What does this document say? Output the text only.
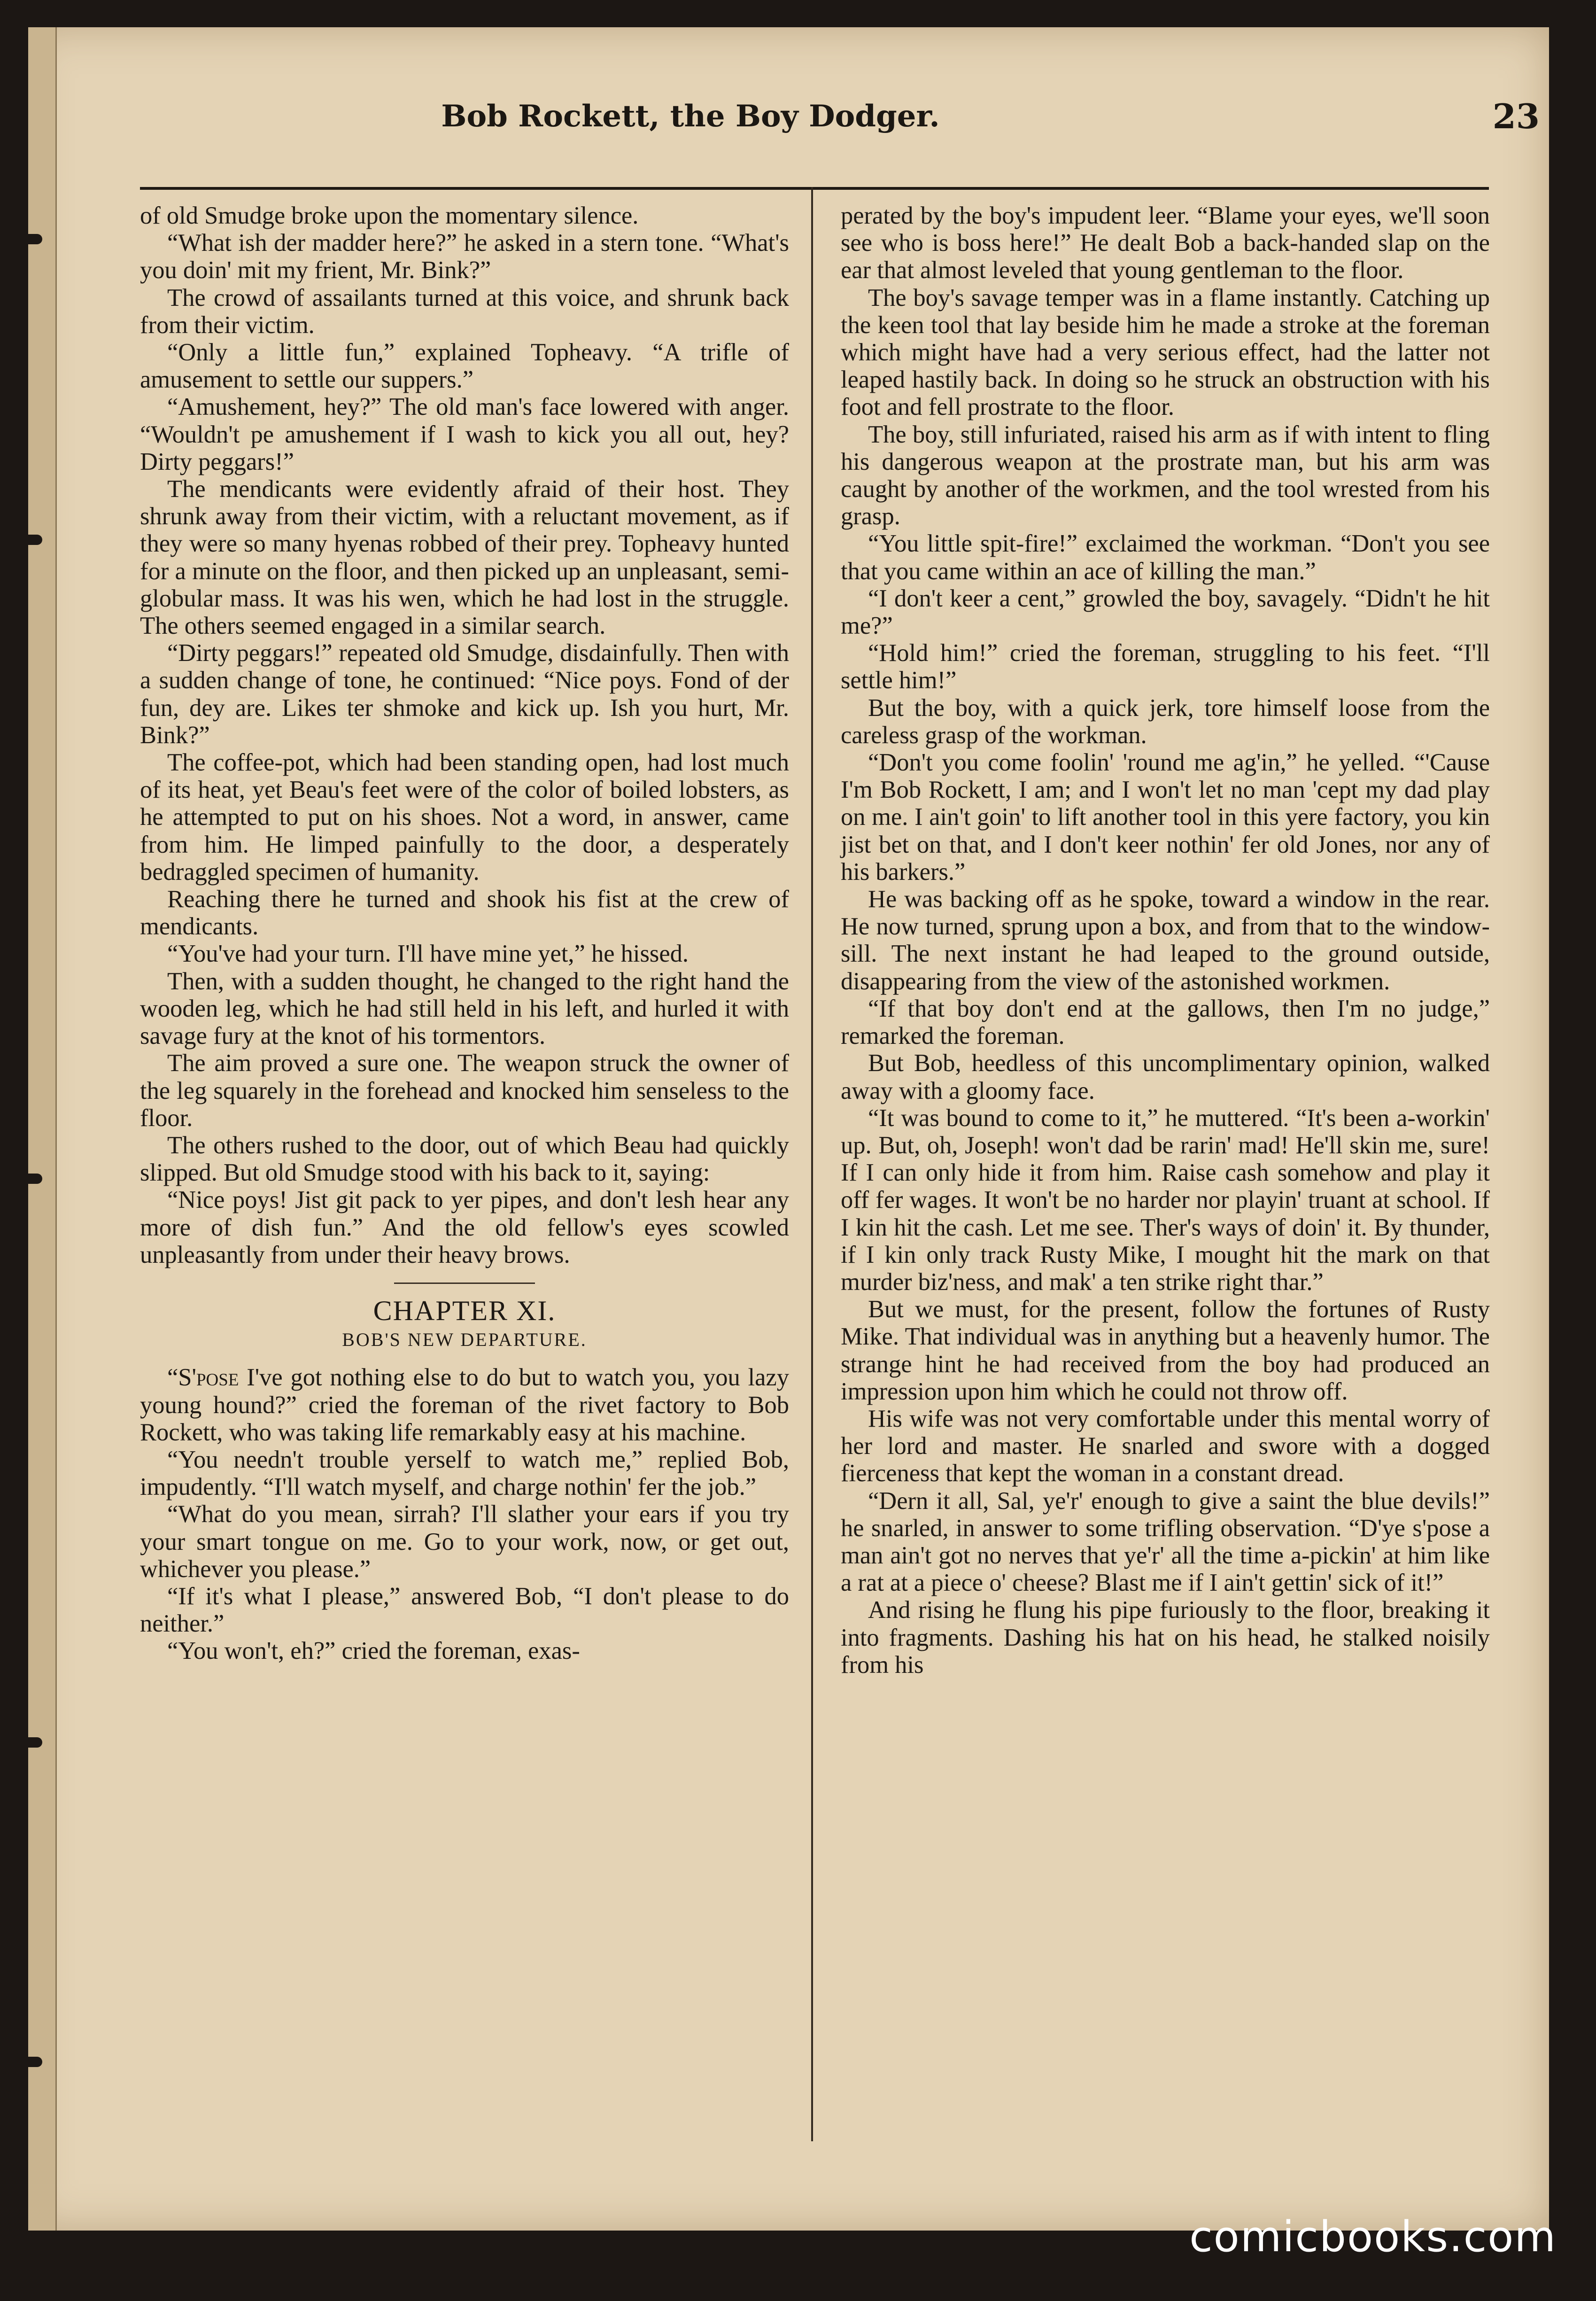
Bob Rockett, the Boy Dodger.	23

of old Smudge broke upon the momentary silence.

“What ish der madder here?” he asked in a stern tone. “What's you doin' mit my frient, Mr. Bink?”

The crowd of assailants turned at this voice, and shrunk back from their victim.

“Only a little fun,” explained Topheavy. “A trifle of amusement to settle our suppers.”

“Amushement, hey?” The old man's face lowered with anger. “Wouldn't pe amushement if I wash to kick you all out, hey? Dirty peggars!”

The mendicants were evidently afraid of their host. They shrunk away from their victim, with a reluctant movement, as if they were so many hyenas robbed of their prey. Topheavy hunted for a minute on the floor, and then picked up an unpleasant, semi-globular mass. It was his wen, which he had lost in the struggle. The others seemed engaged in a similar search.

“Dirty peggars!” repeated old Smudge, disdainfully. Then with a sudden change of tone, he continued: “Nice poys. Fond of der fun, dey are. Likes ter shmoke and kick up. Ish you hurt, Mr. Bink?”

The coffee-pot, which had been standing open, had lost much of its heat, yet Beau's feet were of the color of boiled lobsters, as he attempted to put on his shoes. Not a word, in answer, came from him. He limped painfully to the door, a desperately bedraggled specimen of humanity.

Reaching there he turned and shook his fist at the crew of mendicants.

“You've had your turn. I'll have mine yet,” he hissed.

Then, with a sudden thought, he changed to the right hand the wooden leg, which he had still held in his left, and hurled it with savage fury at the knot of his tormentors.

The aim proved a sure one. The weapon struck the owner of the leg squarely in the forehead and knocked him senseless to the floor.

The others rushed to the door, out of which Beau had quickly slipped. But old Smudge stood with his back to it, saying:

“Nice poys! Jist git pack to yer pipes, and don't lesh hear any more of dish fun.” And the old fellow's eyes scowled unpleasantly from under their heavy brows.

CHAPTER XI.
BOB'S NEW DEPARTURE.

“S'pose I've got nothing else to do but to watch you, you lazy young hound?” cried the foreman of the rivet factory to Bob Rockett, who was taking life remarkably easy at his machine.

“You needn't trouble yerself to watch me,” replied Bob, impudently. “I'll watch myself, and charge nothin' fer the job.”

“What do you mean, sirrah? I'll slather your ears if you try your smart tongue on me. Go to your work, now, or get out, whichever you please.”

“If it's what I please,” answered Bob, “I don't please to do neither.”

“You won't, eh?” cried the foreman, exas-

perated by the boy's impudent leer. “Blame your eyes, we'll soon see who is boss here!” He dealt Bob a back-handed slap on the ear that almost leveled that young gentleman to the floor.

The boy's savage temper was in a flame instantly. Catching up the keen tool that lay beside him he made a stroke at the foreman which might have had a very serious effect, had the latter not leaped hastily back. In doing so he struck an obstruction with his foot and fell prostrate to the floor.

The boy, still infuriated, raised his arm as if with intent to fling his dangerous weapon at the prostrate man, but his arm was caught by another of the workmen, and the tool wrested from his grasp.

“You little spit-fire!” exclaimed the workman. “Don't you see that you came within an ace of killing the man.”

“I don't keer a cent,” growled the boy, savagely. “Didn't he hit me?”

“Hold him!” cried the foreman, struggling to his feet. “I'll settle him!”

But the boy, with a quick jerk, tore himself loose from the careless grasp of the workman.

“Don't you come foolin' 'round me ag'in,” he yelled. “'Cause I'm Bob Rockett, I am; and I won't let no man 'cept my dad play on me. I ain't goin' to lift another tool in this yere factory, you kin jist bet on that, and I don't keer nothin' fer old Jones, nor any of his barkers.”

He was backing off as he spoke, toward a window in the rear. He now turned, sprung upon a box, and from that to the window-sill. The next instant he had leaped to the ground outside, disappearing from the view of the astonished workmen.

“If that boy don't end at the gallows, then I'm no judge,” remarked the foreman.

But Bob, heedless of this uncomplimentary opinion, walked away with a gloomy face.

“It was bound to come to it,” he muttered. “It's been a-workin' up. But, oh, Joseph! won't dad be rarin' mad! He'll skin me, sure! If I can only hide it from him. Raise cash somehow and play it off fer wages. It won't be no harder nor playin' truant at school. If I kin hit the cash. Let me see. Ther's ways of doin' it. By thunder, if I kin only track Rusty Mike, I mought hit the mark on that murder biz'ness, and mak' a ten strike right thar.”

But we must, for the present, follow the fortunes of Rusty Mike. That individual was in anything but a heavenly humor. The strange hint he had received from the boy had produced an impression upon him which he could not throw off.

His wife was not very comfortable under this mental worry of her lord and master. He snarled and swore with a dogged fierceness that kept the woman in a constant dread.

“Dern it all, Sal, ye'r' enough to give a saint the blue devils!” he snarled, in answer to some trifling observation. “D'ye s'pose a man ain't got no nerves that ye'r' all the time a-pickin' at him like a rat at a piece o' cheese? Blast me if I ain't gettin' sick of it!”

And rising he flung his pipe furiously to the floor, breaking it into fragments. Dashing his hat on his head, he stalked noisily from his

comicbooks.com
